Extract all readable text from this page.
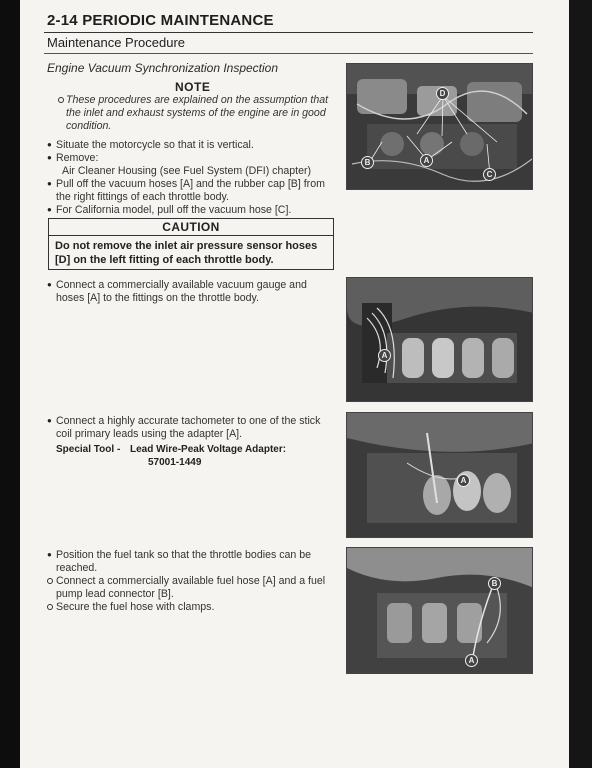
2-14 PERIODIC MAINTENANCE
Maintenance Procedure
Engine Vacuum Synchronization Inspection
NOTE
These procedures are explained on the assumption that
the inlet and exhaust systems of the engine are in good
condition.
● Situate the motorcycle so that it is vertical.
● Remove:
Air Cleaner Housing (see Fuel System (DFI) chapter)
● Pull off the vacuum hoses [A] and the rubber cap [B] from
the right fittings of each throttle body.
● For California model, pull off the vacuum hose [C].
CAUTION
Do not remove the inlet air pressure sensor hoses
[D] on the left fitting of each throttle body.
● Connect a commercially available vacuum gauge and
hoses [A] to the fittings on the throttle body.
● Connect a highly accurate tachometer to one of the stick
coil primary leads using the adapter [A].
Special Tool - Lead Wire-Peak Voltage Adapter:
57001-1449
● Position the fuel tank so that the throttle bodies can be
reached.
Connect a commercially available fuel hose [A] and a fuel
pump lead connector [B].
Secure the fuel hose with clamps.
D
B	A
C
A
A
B
A
